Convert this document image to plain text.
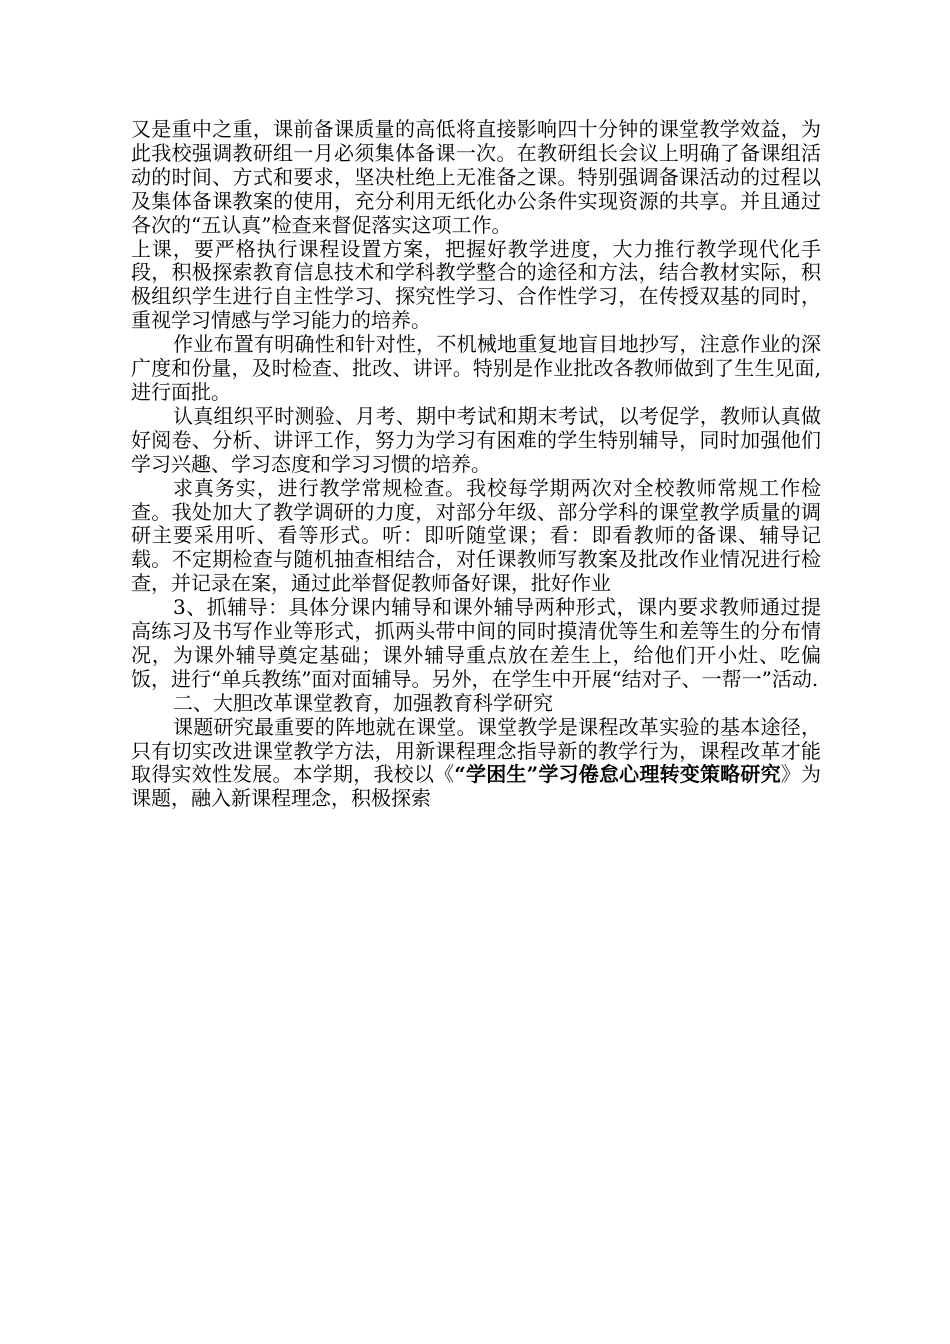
又是重中之重，课前备课质量的高低将直接影响四十分钟的课堂教学效益，为此我校强调教研组一月必须集体备课一次。在教研组长会议上明确了备课组活动的时间、方式和要求，坚决杜绝上无准备之课。特别强调备课活动的过程以及集体备课教案的使用，充分利用无纸化办公条件实现资源的共享。并且通过各次的“五认真”检查来督促落实这项工作。

上课，要严格执行课程设置方案，把握好教学进度，大力推行教学现代化手段，积极探索教育信息技术和学科教学整合的途径和方法，结合教材实际，积极组织学生进行自主性学习、探究性学习、合作性学习，在传授双基的同时，重视学习情感与学习能力的培养。

作业布置有明确性和针对性，不机械地重复地盲目地抄写，注意作业的深广度和份量，及时检查、批改、讲评。特别是作业批改各教师做到了生生见面,进行面批。

认真组织平时测验、月考、期中考试和期末考试，以考促学，教师认真做好阅卷、分析、讲评工作，努力为学习有困难的学生特别辅导，同时加强他们学习兴趣、学习态度和学习习惯的培养。

求真务实，进行教学常规检查。我校每学期两次对全校教师常规工作检查。我处加大了教学调研的力度，对部分年级、部分学科的课堂教学质量的调研主要采用听、看等形式。听：即听随堂课；看：即看教师的备课、辅导记载。不定期检查与随机抽查相结合，对任课教师写教案及批改作业情况进行检查，并记录在案，通过此举督促教师备好课，批好作业

3、抓辅导：具体分课内辅导和课外辅导两种形式，课内要求教师通过提高练习及书写作业等形式，抓两头带中间的同时摸清优等生和差等生的分布情况，为课外辅导奠定基础；课外辅导重点放在差生上，给他们开小灶、吃偏饭，进行“单兵教练”面对面辅导。另外，在学生中开展“结对子、一帮一”活动.

二、大胆改革课堂教育，加强教育科学研究

课题研究最重要的阵地就在课堂。课堂教学是课程改革实验的基本途径，只有切实改进课堂教学方法，用新课程理念指导新的教学行为，课程改革才能取得实效性发展。本学期，我校以《“学困生”学习倦怠心理转变策略研究》为课题，融入新课程理念，积极探索
